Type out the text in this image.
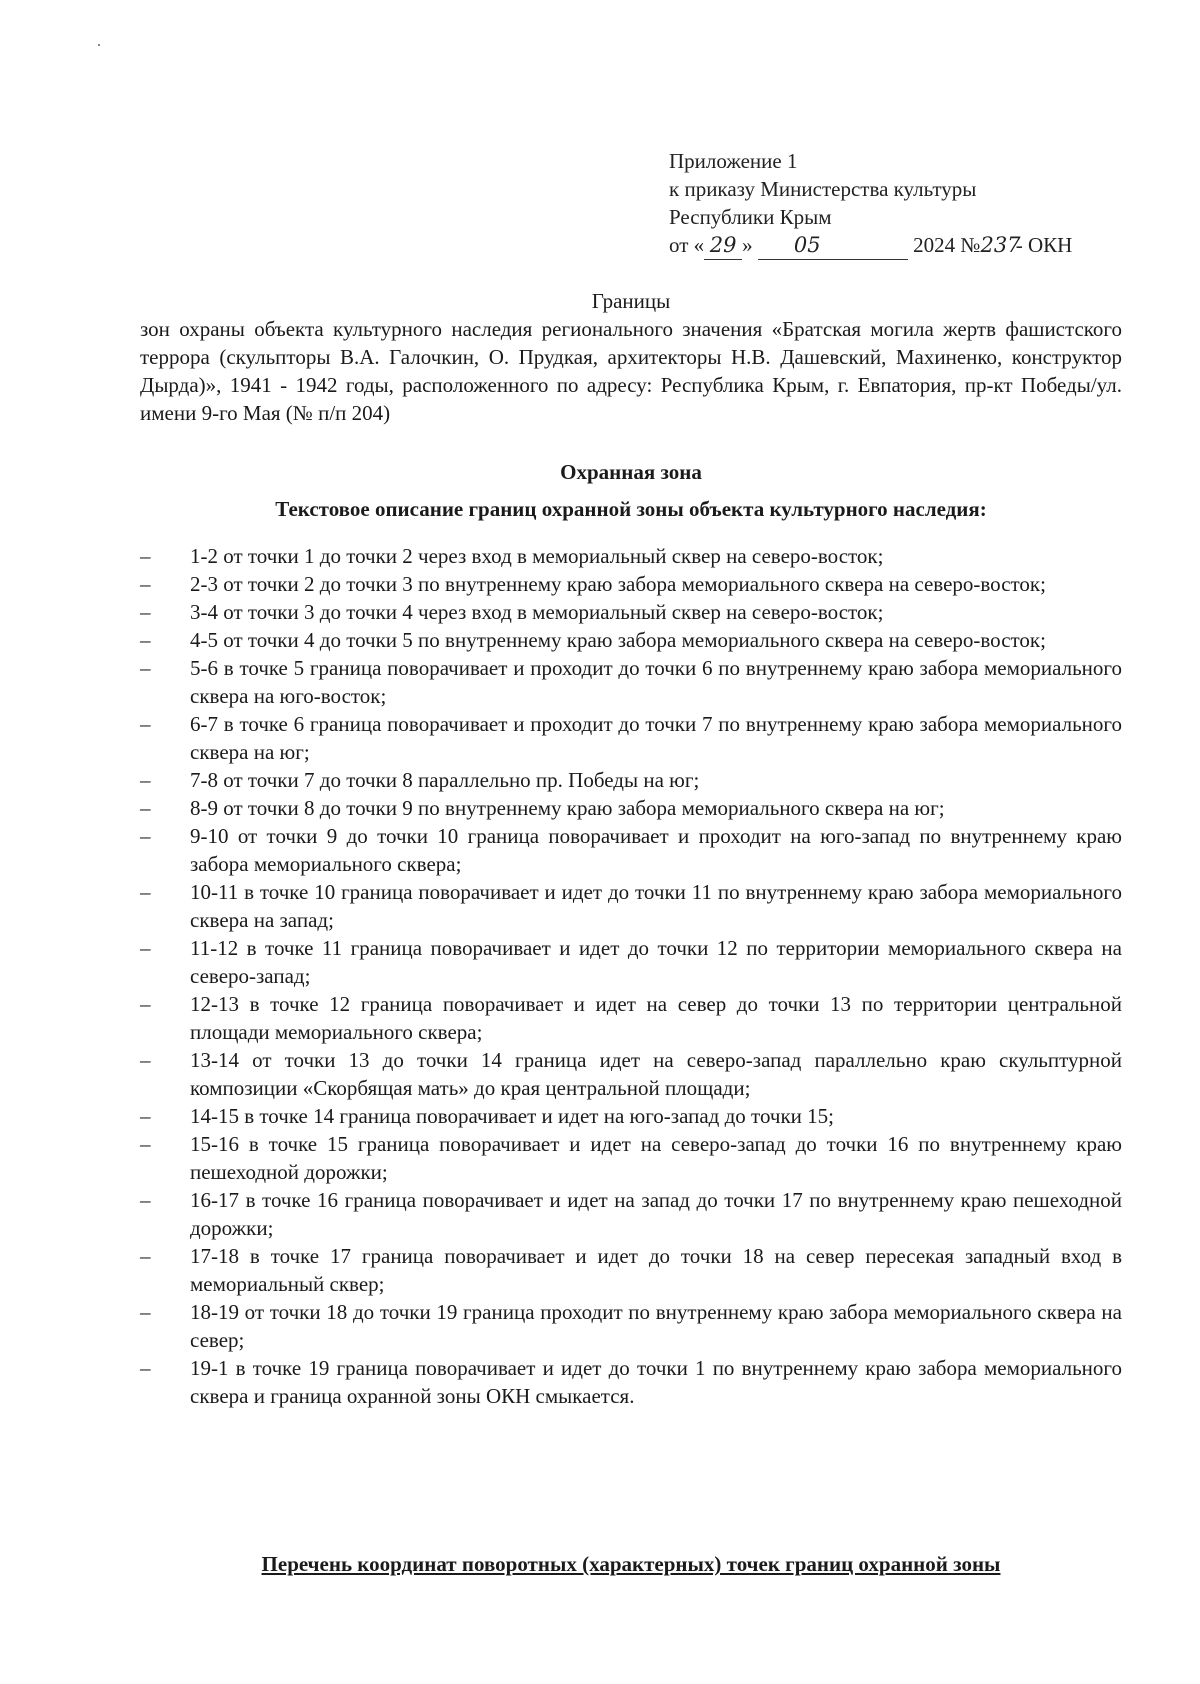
Приложение 1
к приказу Министерства культуры
Республики Крым
от « 29 » 05	2024 №237 - ОКН
Границы
зон охраны объекта культурного наследия регионального значения «Братская могила жертв фашистского террора (скульпторы В.А. Галочкин, О. Прудкая, архитекторы Н.В. Дашевский, Махиненко, конструктор Дырда)», 1941 - 1942 годы, расположенного по адресу: Республика Крым, г. Евпатория, пр-кт Победы/ул. имени 9-го Мая (№ п/п 204)
Охранная зона
Текстовое описание границ охранной зоны объекта культурного наследия:
– 1-2 от точки 1 до точки 2 через вход в мемориальный сквер на северо-восток;
– 2-3 от точки 2 до точки 3 по внутреннему краю забора мемориального сквера на северо-восток;
– 3-4 от точки 3 до точки 4 через вход в мемориальный сквер на северо-восток;
– 4-5 от точки 4 до точки 5 по внутреннему краю забора мемориального сквера на северо-восток;
– 5-6 в точке 5 граница поворачивает и проходит до точки 6 по внутреннему краю забора мемориального сквера на юго-восток;
– 6-7 в точке 6 граница поворачивает и проходит до точки 7 по внутреннему краю забора мемориального сквера на юг;
– 7-8 от точки 7 до точки 8 параллельно пр. Победы на юг;
– 8-9 от точки 8 до точки 9 по внутреннему краю забора мемориального сквера на юг;
– 9-10 от точки 9 до точки 10 граница поворачивает и проходит на юго-запад по внутреннему краю забора мемориального сквера;
– 10-11 в точке 10 граница поворачивает и идет до точки 11 по внутреннему краю забора мемориального сквера на запад;
– 11-12 в точке 11 граница поворачивает и идет до точки 12 по территории мемориального сквера на северо-запад;
– 12-13 в точке 12 граница поворачивает и идет на север до точки 13 по территории центральной площади мемориального сквера;
– 13-14 от точки 13 до точки 14 граница идет на северо-запад параллельно краю скульптурной композиции «Скорбящая мать» до края центральной площади;
– 14-15 в точке 14 граница поворачивает и идет на юго-запад до точки 15;
– 15-16 в точке 15 граница поворачивает и идет на северо-запад до точки 16 по внутреннему краю пешеходной дорожки;
– 16-17 в точке 16 граница поворачивает и идет на запад до точки 17 по внутреннему краю пешеходной дорожки;
– 17-18 в точке 17 граница поворачивает и идет до точки 18 на север пересекая западный вход в мемориальный сквер;
– 18-19 от точки 18 до точки 19 граница проходит по внутреннему краю забора мемориального сквера на север;
– 19-1 в точке 19 граница поворачивает и идет до точки 1 по внутреннему краю забора мемориального сквера и граница охранной зоны ОКН смыкается.
Перечень координат поворотных (характерных) точек границ охранной зоны
